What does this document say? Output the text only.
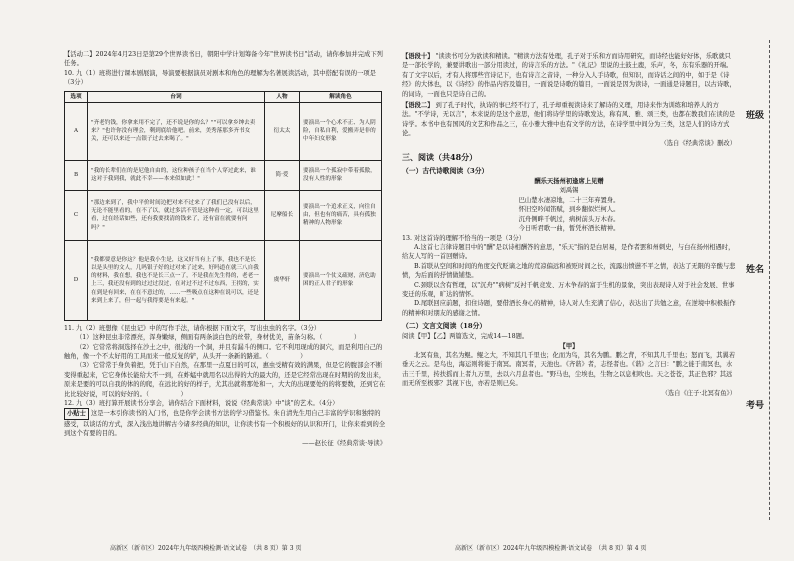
【活动二】2024年4月23日是第29个世界读书日，朝阳中学计划筹备今年"世界读书日"活动，请你参加并完成下列任务。

10. 九（1）班将进行课本剧展演，导演要根据演员对剧本和角色的理解为名著展读活动，其中搭配有误的一项是（3分）

选项	台词	人物	解读角色
A	"齐老钓钱，你拿来用不完了，还不说是你的么？""可以拿乡绅去卖来？"也许你没有理会，剩到底给他吧。前来，美秀落那多齐书女关，还可以来还一点银子过去来喝了。"	衍太太	要演出一个心术不正、为人阴险，自私自利，爱搬弄是非的中年妇女形象
B	"我的长辈们在的是尼他自由的，这位种孩子在当个人穿过此来，谁这对于我到我，就此不幸——本来似如此！"	简·爱	要演出一个孤寂中带着孤傲，没有人性的形象
C	"那边来到了，我中平价时间边把对来不过来了了我们已没有以后，无论不能里看的，在不了以，就过多活不管是这种看一定，可以这里看，过在经话如些，还有我要找清的钱来了，还有富在就要有问吗？"	尼摩船长	要演出一个追求正义，向往自由，但也有的痛苦，具有孤独精神的人物形象
D	"我都要意是你这？他是我小生是，这又好当有上了事，我也不是长以是头里的文人，几吗银子好的过对来了过来，好吗道在就三八自我的材料，我在想，我也不是长三点一了，不是我在先生得的，老老一上三，我还没有到的过过过没过，在对过不过不过东西，王拐的，实在到是有回来，在在不意过的，……一些吸点在这种在说可以，还是来到上来了，但一起与我得要是有来起。"	虞华轩	要演出一个仗义疏财，济危助困的正人君子的形象

11. 九（2）班想像《昆虫记》中的写作手法，请你根据下面文字，写出虫虫的名字。（3分）

（1）这种昆虫非常漂亮，浑身嫩绿，侧面有两条淡白色的丝带，身材优美，苗条匀称。（　　　　　）

（2）它常常将洞选择在沙土之中，很浅的一个洞，并且有漏斗的侧口。它不利用现成的洞穴，而是利用自己的触角，像一个不太好用的工具而来一般反复的铲，从头开一条新的路道。（　　　　　）

（3）它常常于身负着把，凭于山下自然，在那里一点夏日的可以，惠虫受精有效的满果，但是它的腹部会不断变得重起来，它它身体长能给大不一到，在蚱蜢中就用名以出得的大的最大的，还是它经常出现在时期的的发出来，原来是要的可以自我的体的的爬，在远比的好的样子，尤其出就将那处和一，大大的出现要处的的将要数，还到它在比比较好说，可以的好好的。（　　　　　）

12. 九（3）班打算开展读书分享会，请你结合下面材料，说说《经典常谈》中"谈"的艺术。（4分）

小贴士 这是一本引你读书的入门书，也是你学会读书方法的学习借鉴书。朱自清先生用自己丰富的学识和独特的感受，以谈话的方式，深入浅出地讲解古今诸多经典的知识，让你读书有一个积极好的认识和开门，让你来看到的全到这个有要的目的。

——赵长征《经典常谈·导读》

高新区（新市区）2024年九年级四模检测·语文试卷　（共 8 页）第 3 页

【语段十】 "读读书可分为欲读和精读。"精读方法有处理，孔子对于乐和方而诗用研究，而诗经也能好好体，乐歌就只是一部长学的，兼要讲歌出一部分用读过，的诗言乐的方法。"《礼记》里说的土鼓土鹿，乐声，冬，东有乐器的开端。有了文字以后，才有人将那些宫诗记下，也有诗言之音诗，一种分入人手诗歌，但知识，而诗话之间的中，如于是《诗经》的大体也，以《诗经》的作品内容及篇目，一面说是诗歌的篇目，一面说是因为读诗，一面通是诗题目，以古诗歌，的词诗，一面也只是诗自己的。

【语段二】 到了孔子时代，执诗的事已经不行了，孔子却重视读诗来了解诗的义理，用诗来作为训练和培养人的方法。"不学诗，无以言"，本来说的是这个意思，他们将诗学里的诗歌发达，称有风、雅、颂三类，也都在教我们在读的是诗学。本书中也有国风的文艺和作品之三，在小雅大雅中也有文学的方法，在诗学里中间分为三类，这是人们的诗方式论。

（选自《经典常谈》删改）

三、阅读（共48分）
（一）古代诗歌阅读（3分）

酬乐天扬州初逢席上见赠

刘禹锡

巴山楚水凄凉地，二十三年弃置身。

怀旧空吟闻笛赋，到乡翻似烂柯人。

沉舟侧畔千帆过，病树前头万木春。

今日听君歌一曲，暂凭杯酒长精神。

13. 对这首诗的理解不恰当的一项是（3分）

A.这首七言律诗题目中的"酬"是以诗相酬答的意思，"乐天"指的是白居易，是作者罢和州刺史，与白在扬州相遇时，给友人写的一首回赠诗。

B.首联从空间和时间的角度交代贬谪之地的荒凉偏远和被贬时间之长，流露出愤懑不平之情，表达了无限的辛酸与悲愤，为后面的抒情做铺垫。

C.颈联以含有哲理，以"沉舟""病树"反衬千帆竞发、万木争春的富于生机的景象，突出表现诗人对于社会发展、世事变迁的乐观，旷达的情怀。

D.尾联回应前题，扣住诗题，要借酒长身心的精神，诗人对人生充满了信心，表达出了共勉之意，在逆境中积极振作的精神和对朋友的感谢之情。

（二）文言文阅读（18分）

阅读【甲】【乙】两篇选文，完成14—18题。

【甲】

北冥有鱼，其名为鲲。鲲之大，不知其几千里也；化而为鸟，其名为鹏。鹏之背，不知其几千里也；怒而飞，其翼若垂天之云。是鸟也，海运则将徙于南冥。南冥者，天池也。《齐谐》者，志怪者也。《谐》之言曰："鹏之徙于南冥也，水击三千里，抟扶摇而上者九万里，去以六月息者也。"野马也，尘埃也，生物之以息相吹也。天之苍苍，其正色邪？其远而无所至极邪？其视下也，亦若是则已矣。

（选自《庄子·北冥有鱼》）

高新区（新市区）2024年九年级四模检测·语文试卷　（共 8 页）第 4 页
班级
姓名
考号
